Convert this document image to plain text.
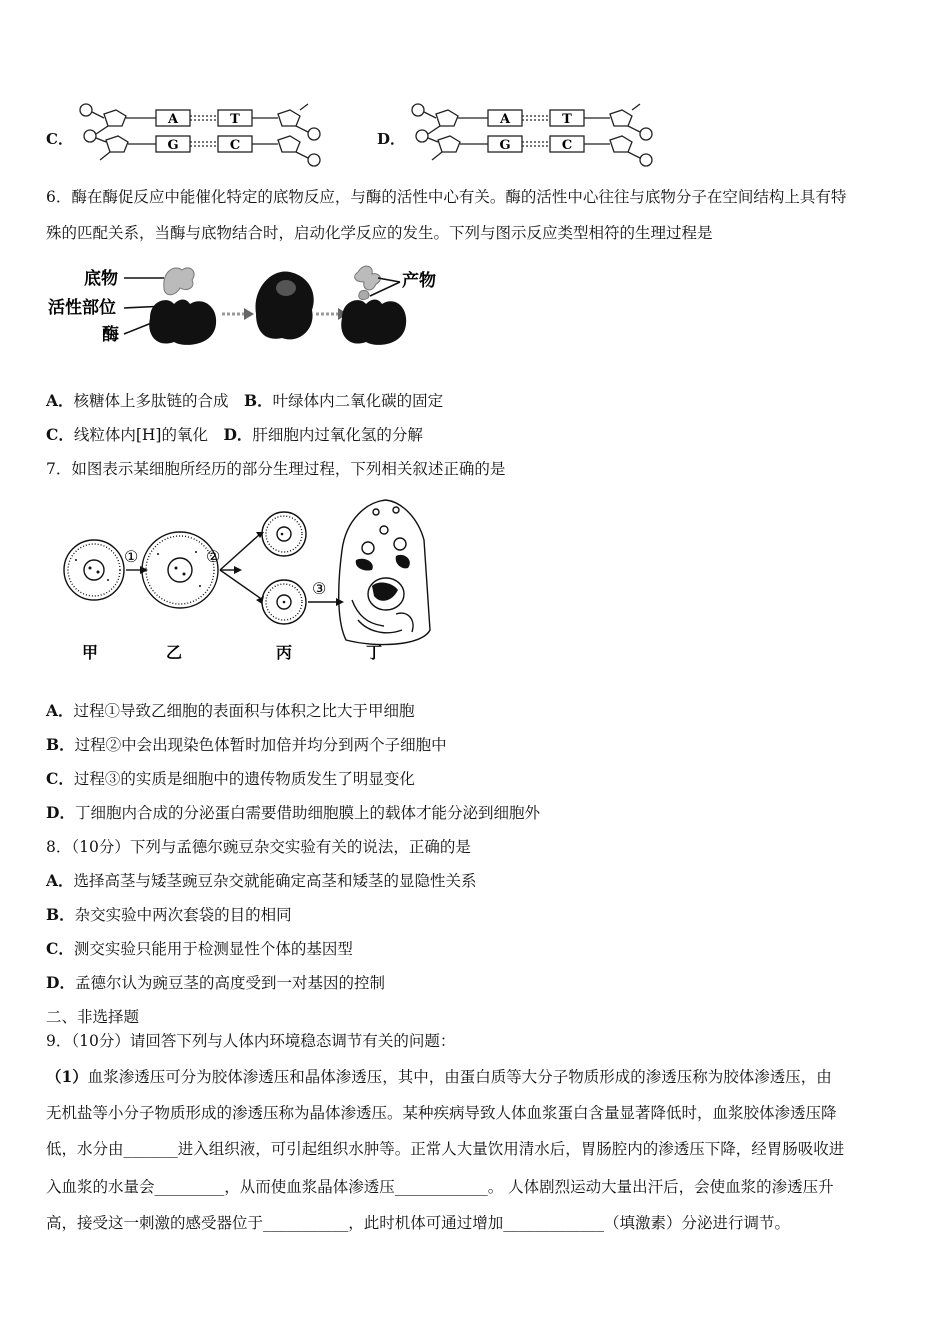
C．
A	T
G	C	D．
A	T
G	C
6．酶在酶促反应中能催化特定的底物反应，与酶的活性中心有关。酶的活性中心往往与底物分子在空间结构上具有特
殊的匹配关系，当酶与底物结合时，启动化学反应的发生。下列与图示反应类型相符的生理过程是
底物
活性部位
酶
产物
A．核糖体上多肽链的合成  B．叶绿体内二氧化碳的固定
C．线粒体内[H]的氧化  D．肝细胞内过氧化氢的分解
7．如图表示某细胞所经历的部分生理过程，下列相关叙述正确的是
①	②
③
甲	乙	丙	丁
A．过程①导致乙细胞的表面积与体积之比大于甲细胞
B．过程②中会出现染色体暂时加倍并均分到两个子细胞中
C．过程③的实质是细胞中的遗传物质发生了明显变化
D．丁细胞内合成的分泌蛋白需要借助细胞膜上的载体才能分泌到细胞外
8．（10分）下列与孟德尔豌豆杂交实验有关的说法，正确的是
A．选择高茎与矮茎豌豆杂交就能确定高茎和矮茎的显隐性关系
B．杂交实验中两次套袋的目的相同
C．测交实验只能用于检测显性个体的基因型
D．孟德尔认为豌豆茎的高度受到一对基因的控制
二、非选择题
9．（10分）请回答下列与人体内环境稳态调节有关的问题：
（1）血浆渗透压可分为胶体渗透压和晶体渗透压，其中，由蛋白质等大分子物质形成的渗透压称为胶体渗透压，由
无机盐等小分子物质形成的渗透压称为晶体渗透压。某种疾病导致人体血浆蛋白含量显著降低时，血浆胶体渗透压降
低，水分由_______进入组织液，可引起组织水肿等。正常人大量饮用清水后，胃肠腔内的渗透压下降，经胃肠吸收进
入血浆的水量会_________，从而使血浆晶体渗透压____________。 人体剧烈运动大量出汗后，会使血浆的渗透压升
高，接受这一刺激的感受器位于___________，此时机体可通过增加_____________（填激素）分泌进行调节。
